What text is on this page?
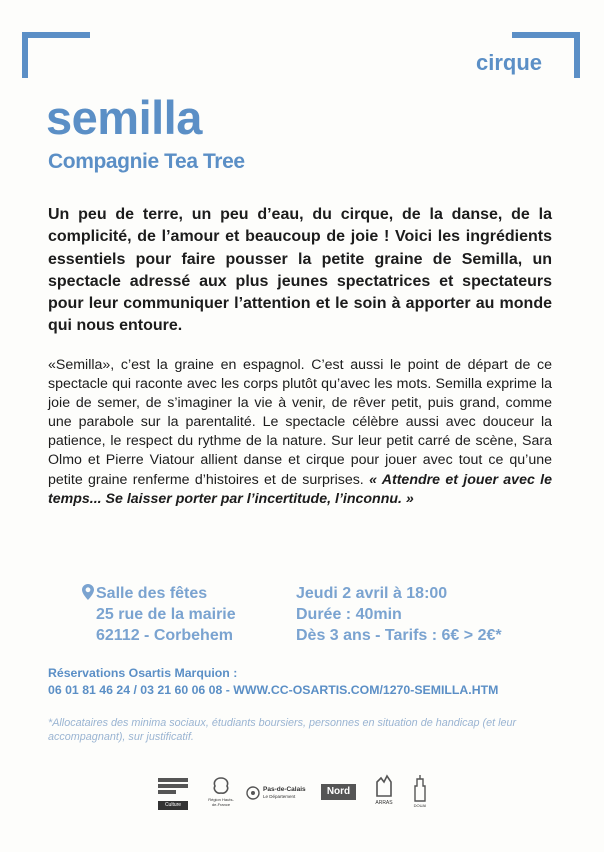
cirque
semilla
Compagnie Tea Tree
Un peu de terre, un peu d’eau, du cirque, de la danse, de la complicité, de l’amour et beaucoup de joie ! Voici les ingrédients essentiels pour faire pousser la petite graine de Semilla, un spectacle adressé aux plus jeunes spectatrices et spectateurs pour leur communiquer l’attention et le soin à apporter au monde qui nous entoure.
«Semilla», c’est la graine en espagnol. C’est aussi le point de départ de ce spectacle qui raconte avec les corps plutôt qu’avec les mots. Semilla exprime la joie de semer, de s’imaginer la vie à venir, de rêver petit, puis grand, comme une parabole sur la parentalité. Le spectacle célèbre aussi avec douceur la patience, le respect du rythme de la nature. Sur leur petit carré de scène, Sara Olmo et Pierre Viatour allient danse et cirque pour jouer avec tout ce qu’une petite graine renferme d’histoires et de surprises. « Attendre et jouer avec le temps... Se laisser porter par l’incertitude, l’inconnu. »
Salle des fêtes
25 rue de la mairie
62112 - Corbehem
Jeudi 2 avril à 18:00
Durée : 40min
Dès 3 ans - Tarifs : 6€ > 2€*
Réservations Osartis Marquion :
06 01 81 46 24 / 03 21 60 06 08 - WWW.CC-OSARTIS.COM/1270-SEMILLA.HTM
*Allocataires des minima sociaux, étudiants boursiers, personnes en situation de handicap (et leur accompagnant), sur justificatif.
Culture
Région Hauts-de-France
Pas-de-Calais
Le Département	Nord
ARRAS	DOUAI
